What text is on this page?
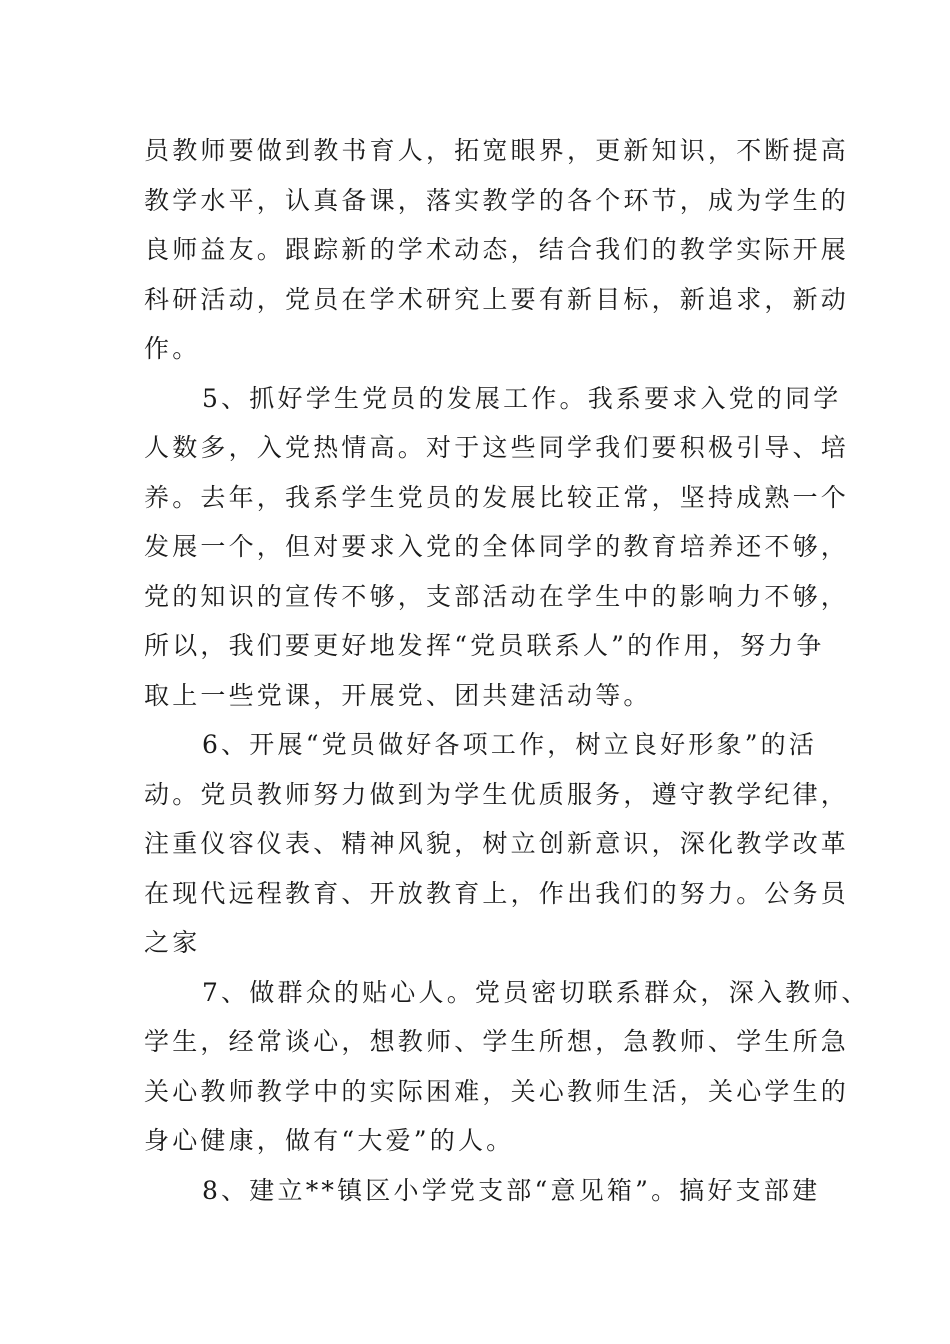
员教师要做到教书育人，拓宽眼界，更新知识，不断提高
教学水平，认真备课，落实教学的各个环节，成为学生的
良师益友。跟踪新的学术动态，结合我们的教学实际开展
科研活动，党员在学术研究上要有新目标，新追求，新动
作。
5、抓好学生党员的发展工作。我系要求入党的同学
人数多，入党热情高。对于这些同学我们要积极引导、培
养。去年，我系学生党员的发展比较正常，坚持成熟一个
发展一个，但对要求入党的全体同学的教育培养还不够，
党的知识的宣传不够，支部活动在学生中的影响力不够，
所以，我们要更好地发挥“党员联系人”的作用，努力争
取上一些党课，开展党、团共建活动等。
6、开展“党员做好各项工作，树立良好形象”的活
动。党员教师努力做到为学生优质服务，遵守教学纪律，
注重仪容仪表、精神风貌，树立创新意识，深化教学改革
在现代远程教育、开放教育上，作出我们的努力。公务员
之家
7、做群众的贴心人。党员密切联系群众，深入教师、
学生，经常谈心，想教师、学生所想，急教师、学生所急
关心教师教学中的实际困难，关心教师生活，关心学生的
身心健康，做有“大爱”的人。
8、建立**镇区小学党支部“意见箱”。搞好支部建
